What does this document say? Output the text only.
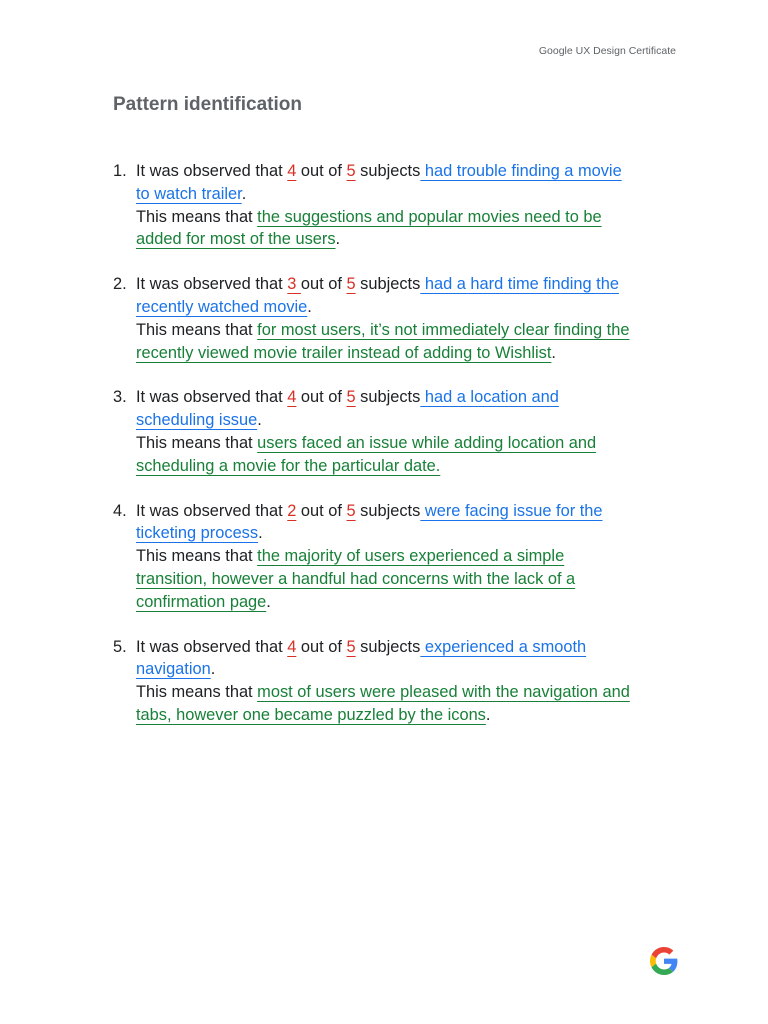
Google UX Design Certificate
Pattern identification
1. It was observed that 4 out of 5 subjects had trouble finding a movie
to watch trailer.
This means that the suggestions and popular movies need to be
added for most of the users.
2. It was observed that 3 out of 5 subjects had a hard time finding the
recently watched movie.
This means that for most users, it’s not immediately clear finding the
recently viewed movie trailer instead of adding to Wishlist.
3. It was observed that 4 out of 5 subjects had a location and
scheduling issue.
This means that users faced an issue while adding location and
scheduling a movie for the particular date.
4. It was observed that 2 out of 5 subjects were facing issue for the
ticketing process.
This means that the majority of users experienced a simple
transition, however a handful had concerns with the lack of a
confirmation page.
5. It was observed that 4 out of 5 subjects experienced a smooth
navigation.
This means that most of users were pleased with the navigation and
tabs, however one became puzzled by the icons.
